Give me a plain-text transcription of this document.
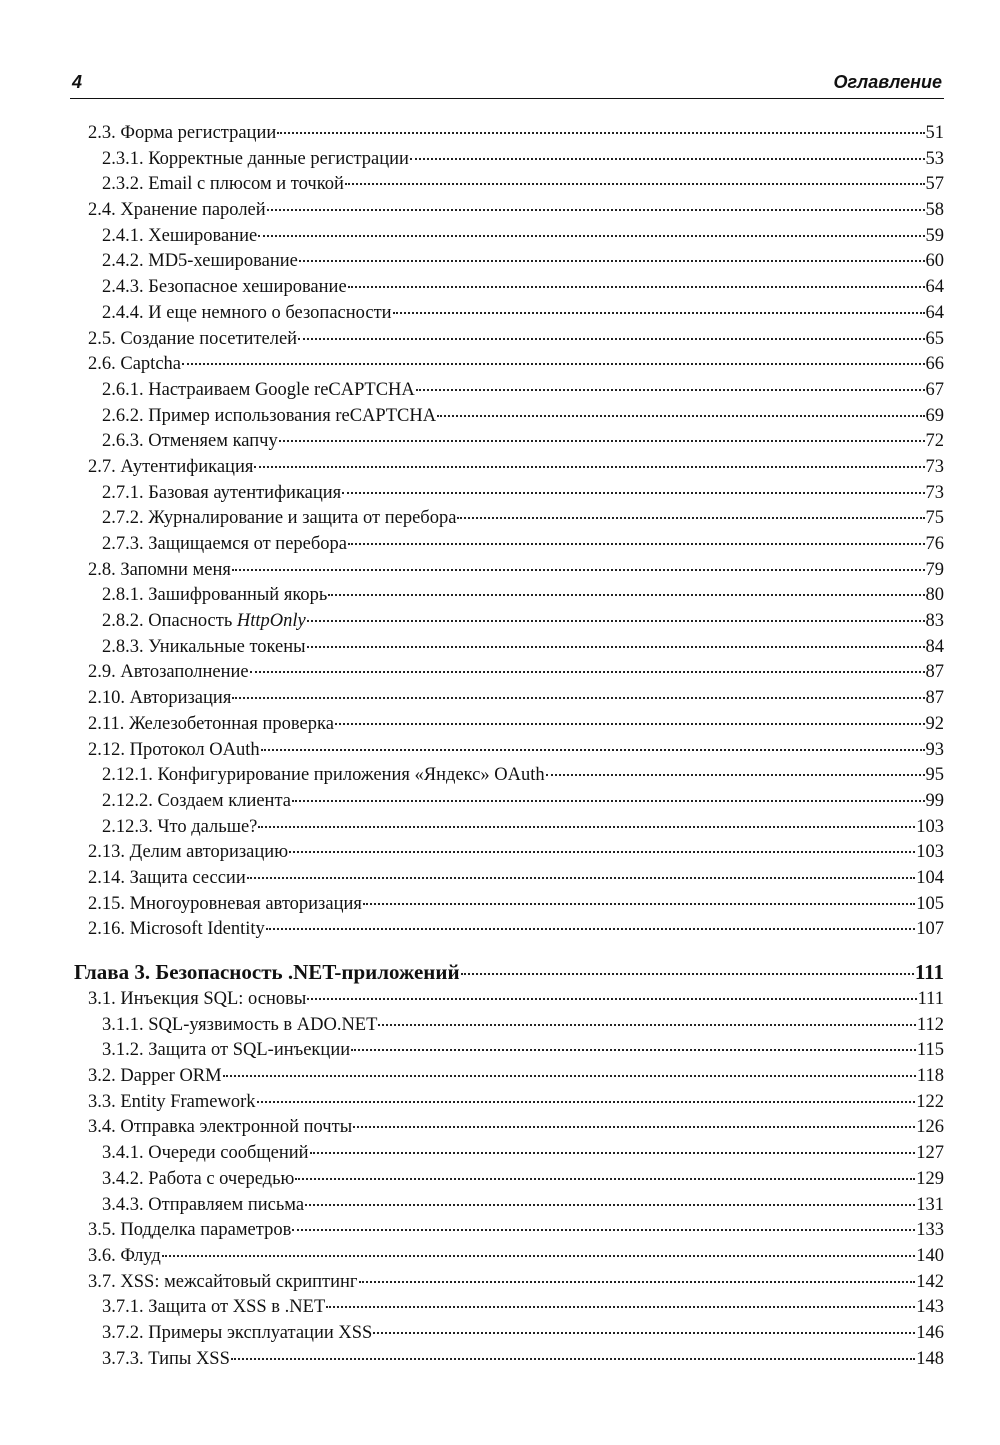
4	Оглавление
2.3. Форма регистрации	51
2.3.1. Корректные данные регистрации	53
2.3.2. Email с плюсом и точкой	57
2.4. Хранение паролей	58
2.4.1. Хеширование	59
2.4.2. MD5-хеширование	60
2.4.3. Безопасное хеширование	64
2.4.4. И еще немного о безопасности	64
2.5. Создание посетителей	65
2.6. Captcha	66
2.6.1. Настраиваем Google reCAPTCHA	67
2.6.2. Пример использования reCAPTCHA	69
2.6.3. Отменяем капчу	72
2.7. Аутентификация	73
2.7.1. Базовая аутентификация	73
2.7.2. Журналирование и защита от перебора	75
2.7.3. Защищаемся от перебора	76
2.8. Запомни меня	79
2.8.1. Зашифрованный якорь	80
2.8.2. Опасность HttpOnly	83
2.8.3. Уникальные токены	84
2.9. Автозаполнение	87
2.10. Авторизация	87
2.11. Железобетонная проверка	92
2.12. Протокол OAuth	93
2.12.1. Конфигурирование приложения «Яндекс» OAuth	95
2.12.2. Создаем клиента	99
2.12.3. Что дальше?	103
2.13. Делим авторизацию	103
2.14. Защита сессии	104
2.15. Многоуровневая авторизация	105
2.16. Microsoft Identity	107
Глава 3. Безопасность .NET-приложений	111
3.1. Инъекция SQL: основы	111
3.1.1. SQL-уязвимость в ADO.NET	112
3.1.2. Защита от SQL-инъекции	115
3.2. Dapper ORM	118
3.3. Entity Framework	122
3.4. Отправка электронной почты	126
3.4.1. Очереди сообщений	127
3.4.2. Работа с очередью	129
3.4.3. Отправляем письма	131
3.5. Подделка параметров	133
3.6. Флуд	140
3.7. XSS: межсайтовый скриптинг	142
3.7.1. Защита от XSS в .NET	143
3.7.2. Примеры эксплуатации XSS	146
3.7.3. Типы XSS	148
